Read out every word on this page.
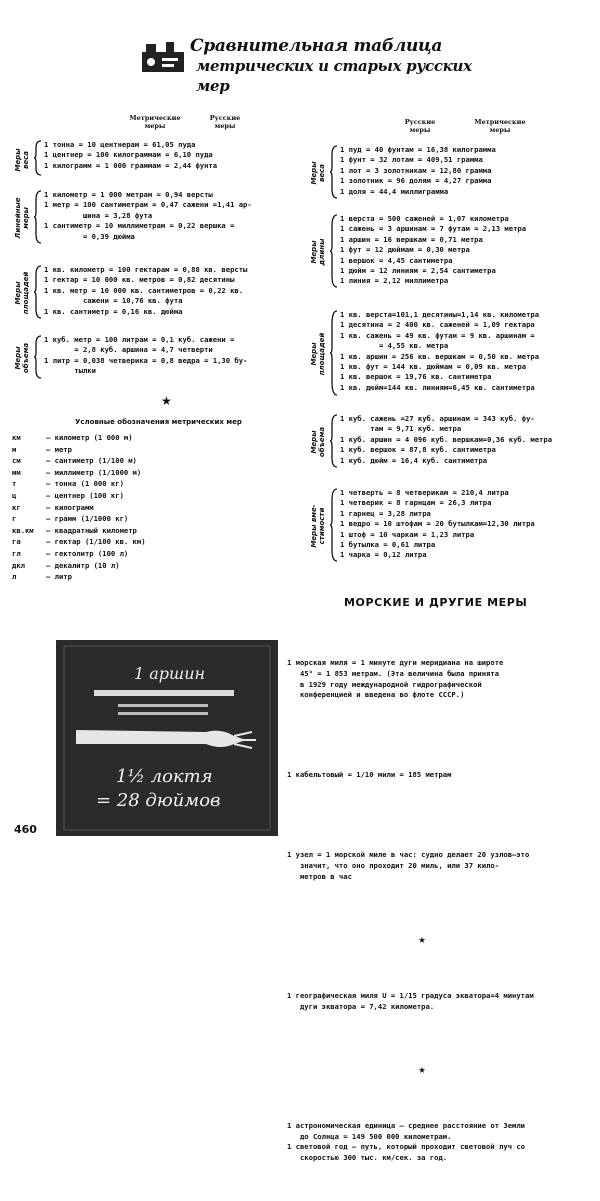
Сравнительная таблица
метрических и старых русских мер
Метрические
меры
Русские
меры
Меры
веса
1 тонна = 10 центнерам = 61,05 пуда
1 центнер = 100 килограммам = 6,10 пуда
1 килограмм = 1 000 граммам = 2,44 фунта
Линейные
меры
1 километр = 1 000 метрам = 0,94 версты
1 метр = 100 сантиметрам = 0,47 сажени =1,41 ар-
шина = 3,28 фута
1 сантиметр = 10 миллиметрам = 0,22 вершка =
= 0,39 дюйма
Меры
площадей
1 кв. километр = 100 гектарам = 0,88 кв. версты
1 гектар = 10 000 кв. метров = 0,82 десятины
1 кв. метр = 10 000 кв. сантиметров = 0,22 кв.
сажени = 10,76 кв. фута
1 кв. сантиметр = 0,16 кв. дюйма
Меры
объема
1 куб. метр = 100 литрам = 0,1 куб. сажени =
= 2,8 куб. аршина = 4,7 четверти
1 литр = 0,038 четверика = 0,8 ведра = 1,30 бу-
тылки
★
Условные обозначения метрических мер
км	— километр (1 000 м)
м	— метр
см	— сантиметр (1/100 м)
мм	— миллиметр (1/1000 м)
т	— тонна (1 000 кг)
ц	— центнер (100 кг)
кг	— килограмм
г	— грамм (1/1000 кг)
кв.км	— квадратный километр
га	— гектар (1/100 кв. км)
гл	— гектолитр (100 л)
дкл	— декалитр (10 л)
л	— литр
Русские
меры
Метрические
меры
Меры
веса
1 пуд = 40 фунтам = 16,38 килограмма
1 фунт = 32 лотам = 409,51 грамма
1 лот = 3 золотникам = 12,80 грамма
1 золотник = 96 долям = 4,27 грамма
1 доля = 44,4 миллиграмма
Меры
длины
1 верста = 500 саженей = 1,07 километра
1 сажень = 3 аршинам = 7 футам = 2,13 метра
1 аршин = 16 вершкам = 0,71 метра
1 фут = 12 дюймам = 0,30 метра
1 вершок = 4,45 сантиметра
1 дюйм = 12 линиям = 2,54 сантиметра
1 линия = 2,12 миллиметра
Меры
площадей
1 кв. верста=101,1 десятины=1,14 кв. километра
1 десятина = 2 400 кв. саженей = 1,09 гектара
1 кв. сажень = 49 кв. футам = 9 кв. аршинам =
= 4,55 кв. метра
1 кв. аршин = 256 кв. вершкам = 0,50 кв. метра
1 кв. фут = 144 кв. дюймам = 0,09 кв. метра
1 кв. вершок = 19,76 кв. сантиметра
1 кв. дюйм=144 кв. линиям=6,45 кв. сантиметра
Меры
объема
1 куб. сажень =27 куб. аршинам = 343 куб. фу-
там = 9,71 куб. метра
1 куб. аршин = 4 096 куб. вершкам=0,36 куб. метра
1 куб. вершок = 87,8 куб. сантиметра
1 куб. дюйм = 16,4 куб. сантиметра
Меры вмe-
стимости
1 четверть = 8 четверикам = 210,4 литра
1 четверик = 8 гарнцам = 26,3 литра
1 гарнец = 3,28 литра
1 ведро = 10 штофам = 20 бутылкам=12,30 литра
1 штоф = 10 чаркам = 1,23 литра
1 бутылка = 0,61 литра
1 чарка = 0,12 литра
МОРСКИЕ И ДРУГИЕ МЕРЫ

1 морская миля = 1 минуте дуги меридиана на широте

45° = 1 853 метрам. (Эта величина была принята

в 1929 году международной гидрографической

конференцией и введена во флоте СССР.)

1 кабельтовый = 1/10 мили = 185 метрам

1 узел = 1 морской миле в час: судно делает 20 узлов—это

значит, что оно проходит 20 миль, или 37 кило-

метров в час

★

1 географическая миля U = 1/15 градуса экватора=4 минутам

дуги экватора = 7,42 километра.

★

1 астрономическая единица — среднее расстояние от Земли

до Солнца = 149 500 000 километрам.

1 световой год — путь, который проходит световой луч со

скоростью 300 тыс. км/сек. за год.

1 аршин
1½ локтя
= 28 дюймов
460
